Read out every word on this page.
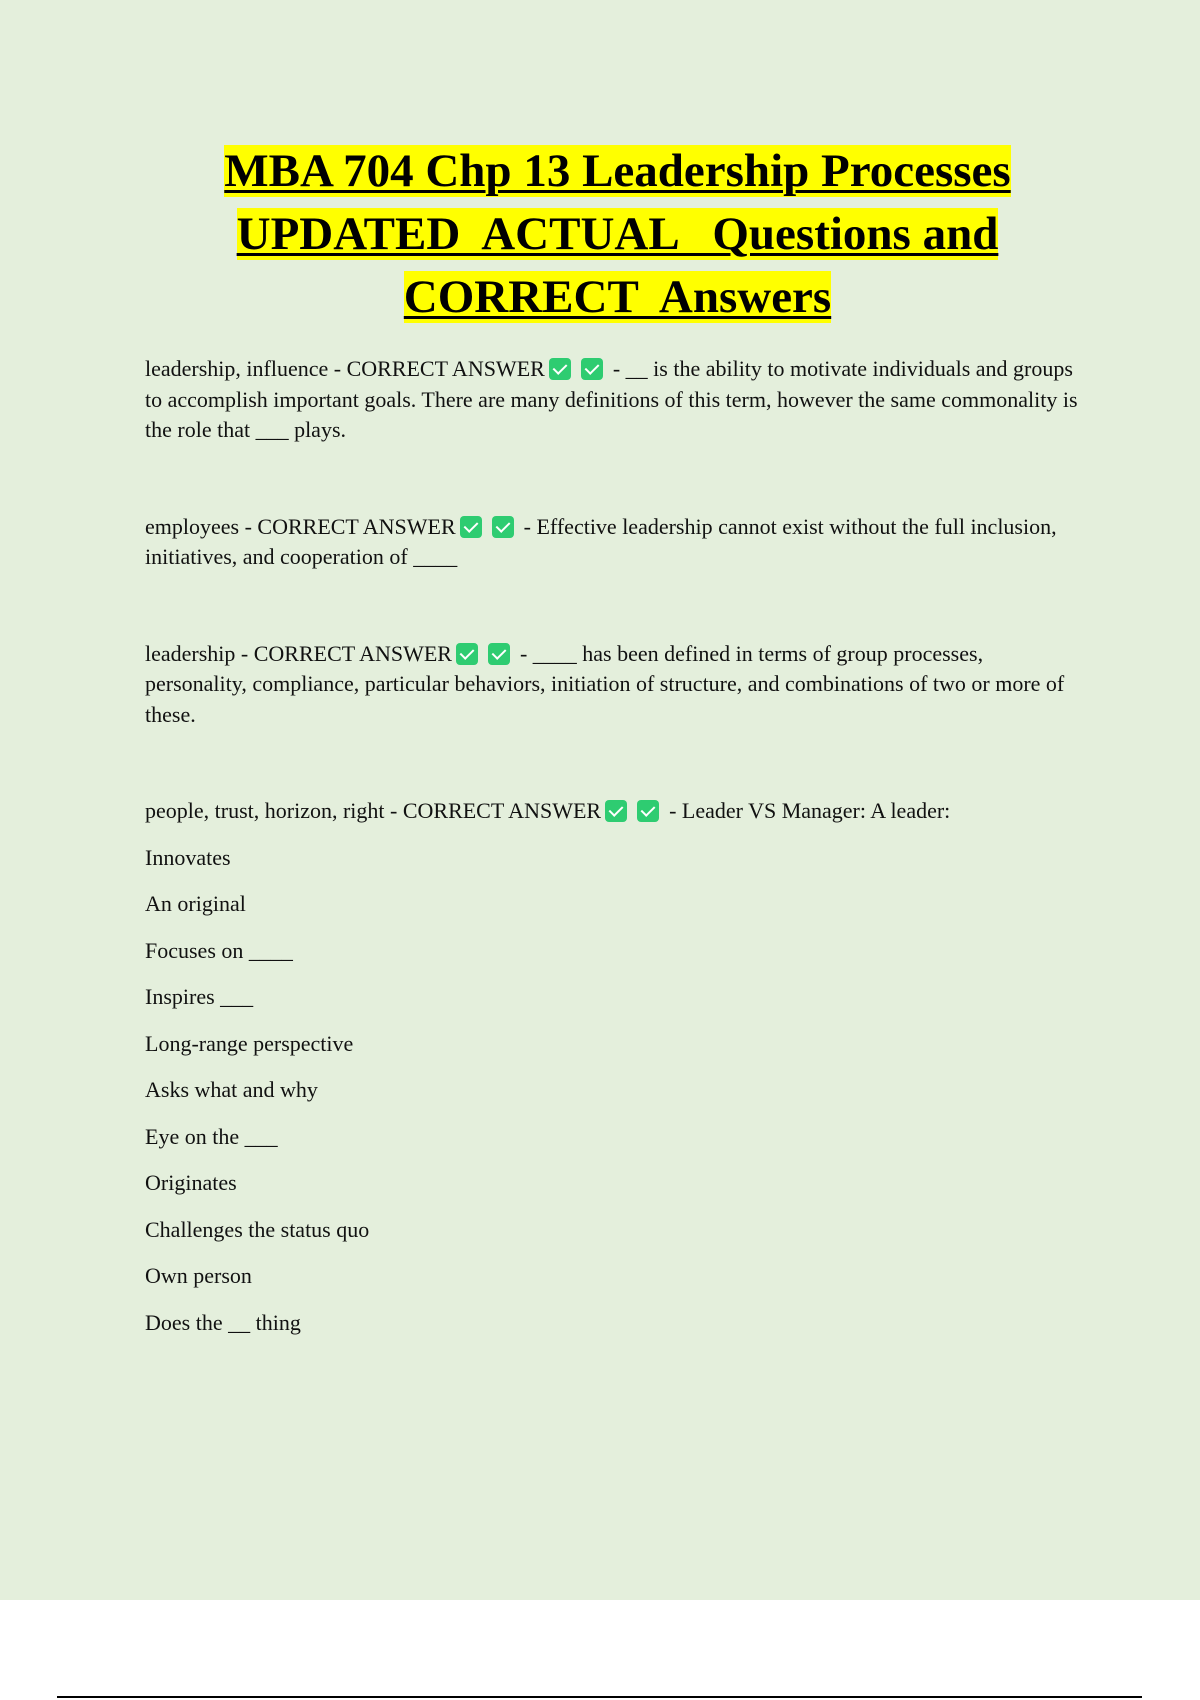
MBA 704 Chp 13 Leadership Processes
UPDATED  ACTUAL   Questions and
CORRECT  Answers

leadership, influence - CORRECT ANSWER	- __ is the ability to motivate individuals and groups to accomplish important goals. There are many definitions of this term, however the same commonality is the role that ___ plays.

employees - CORRECT ANSWER	- Effective leadership cannot exist without the full inclusion, initiatives, and cooperation of ____

leadership - CORRECT ANSWER	- ____ has been defined in terms of group processes, personality, compliance, particular behaviors, initiation of structure, and combinations of two or more of these.

people, trust, horizon, right - CORRECT ANSWER	- Leader VS Manager: A leader:
Innovates
An original
Focuses on ____
Inspires ___
Long-range perspective
Asks what and why
Eye on the ___
Originates
Challenges the status quo
Own person
Does the __ thing
